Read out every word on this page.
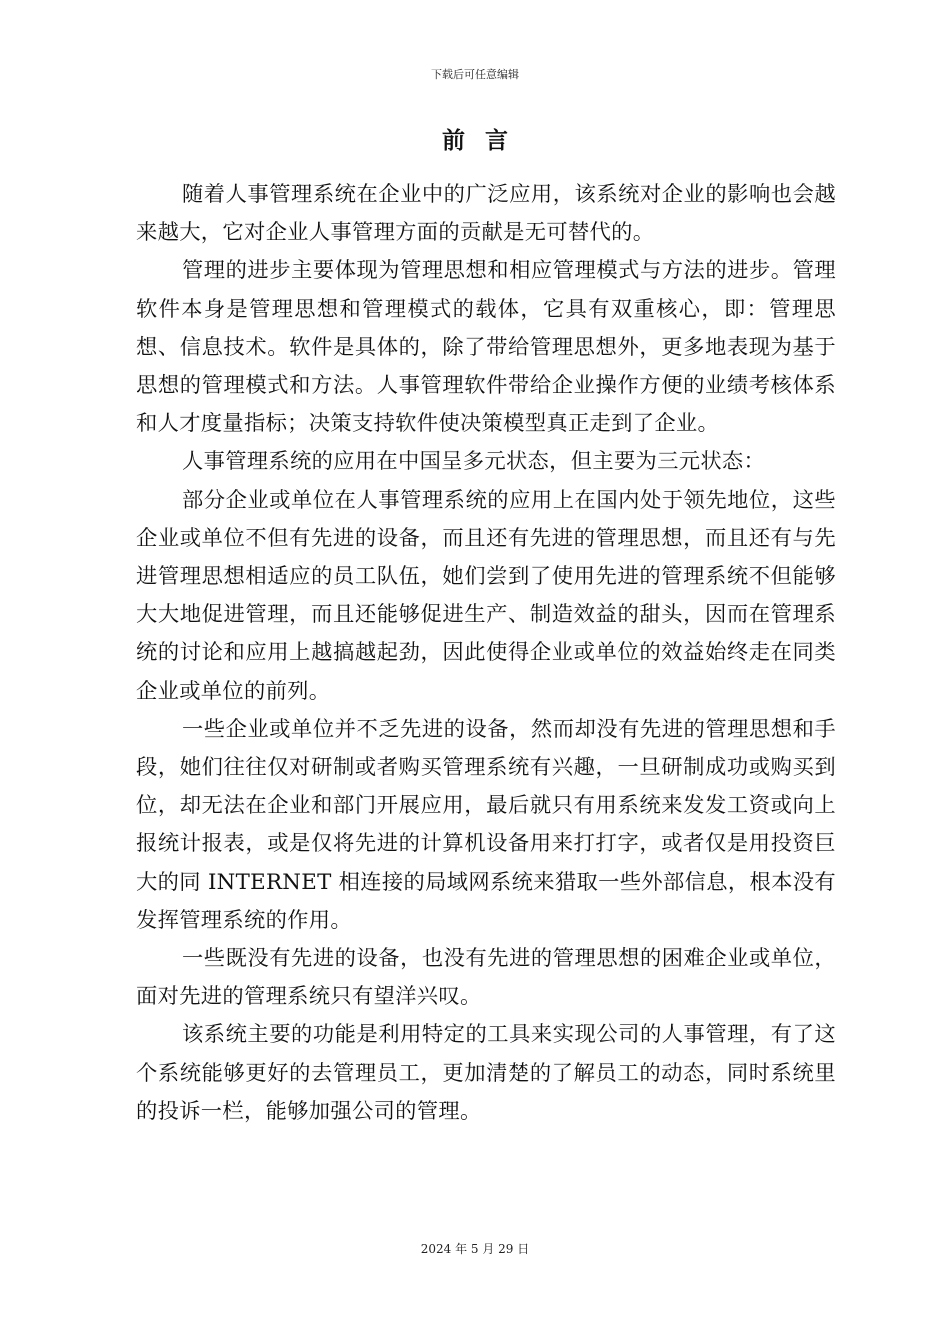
下载后可任意编辑
前言

随着人事管理系统在企业中的广泛应用，该系统对企业的影响也会越来越大，它对企业人事管理方面的贡献是无可替代的。

管理的进步主要体现为管理思想和相应管理模式与方法的进步。管理软件本身是管理思想和管理模式的载体，它具有双重核心，即：管理思想、信息技术。软件是具体的，除了带给管理思想外，更多地表现为基于思想的管理模式和方法。人事管理软件带给企业操作方便的业绩考核体系和人才度量指标；决策支持软件使决策模型真正走到了企业。

人事管理系统的应用在中国呈多元状态，但主要为三元状态：

部分企业或单位在人事管理系统的应用上在国内处于领先地位，这些企业或单位不但有先进的设备，而且还有先进的管理思想，而且还有与先进管理思想相适应的员工队伍，她们尝到了使用先进的管理系统不但能够大大地促进管理，而且还能够促进生产、制造效益的甜头，因而在管理系统的讨论和应用上越搞越起劲，因此使得企业或单位的效益始终走在同类企业或单位的前列。

一些企业或单位并不乏先进的设备，然而却没有先进的管理思想和手段，她们往往仅对研制或者购买管理系统有兴趣，一旦研制成功或购买到位，却无法在企业和部门开展应用，最后就只有用系统来发发工资或向上报统计报表，或是仅将先进的计算机设备用来打打字，或者仅是用投资巨大的同 INTERNET 相连接的局域网系统来猎取一些外部信息，根本没有发挥管理系统的作用。

一些既没有先进的设备，也没有先进的管理思想的困难企业或单位，面对先进的管理系统只有望洋兴叹。

该系统主要的功能是利用特定的工具来实现公司的人事管理，有了这个系统能够更好的去管理员工，更加清楚的了解员工的动态，同时系统里的投诉一栏，能够加强公司的管理。

2024 年 5 月 29 日
